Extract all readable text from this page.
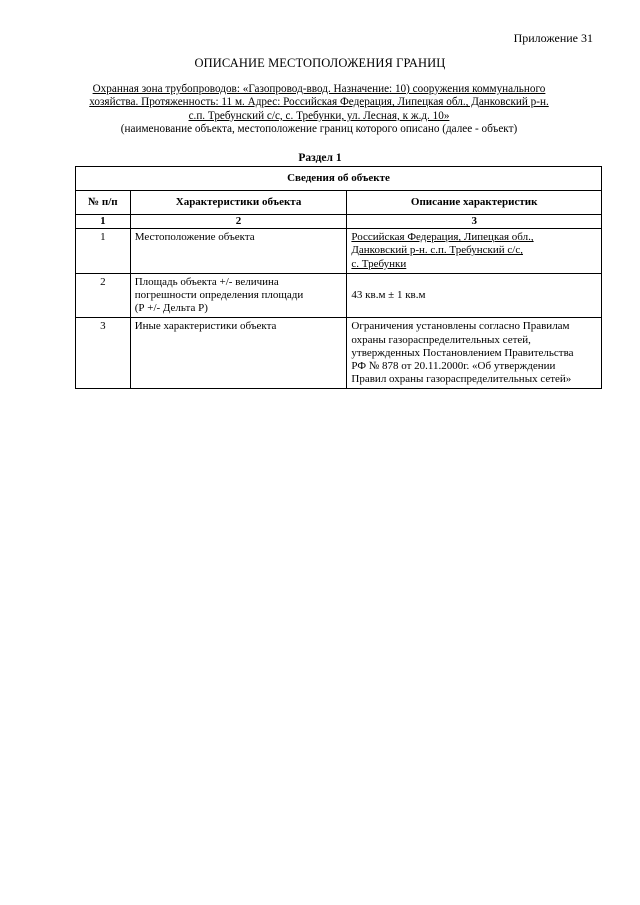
Приложение 31
ОПИСАНИЕ МЕСТОПОЛОЖЕНИЯ ГРАНИЦ
Охранная зона трубопроводов: «Газопровод-ввод. Назначение: 10) сооружения коммунального
хозяйства. Протяженность: 11 м. Адрес: Российская Федерация, Липецкая обл., Данковский р-н.
с.п. Требунский с/с, с. Требунки, ул. Лесная, к ж.д. 10»
(наименование объекта, местоположение границ которого описано (далее - объект)
Раздел 1
Сведения об объекте		
№ п/п	Характеристики объекта	Описание характеристик
1	2	3
1	Местоположение объекта	Российская Федерация, Липецкая обл.,
Данковский р-н. с.п. Требунский с/с,
с. Требунки

2	Площадь объекта +/- величина
погрешности определения площади
(Р +/- Дельта Р)	43 кв.м ± 1 кв.м

3	Иные характеристики объекта	Ограничения установлены согласно Правилам
охраны газораспределительных сетей,
утвержденных Постановлением Правительства
РФ № 878 от 20.11.2000г. «Об утверждении
Правил охраны газораспределительных сетей»
